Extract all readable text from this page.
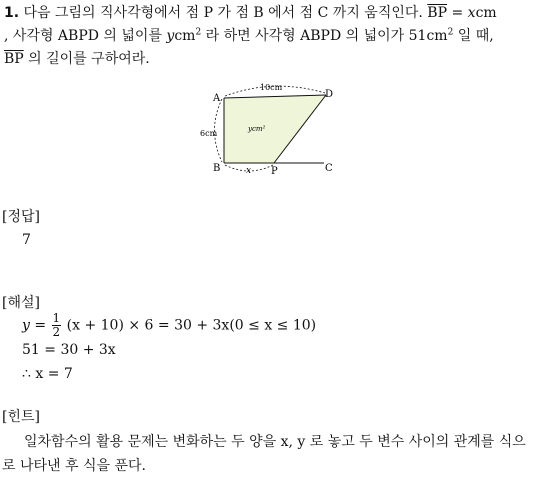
1. 다음 그림의 직사각형에서 점 P 가 점 B 에서 점 C 까지 움직인다. $\overline{BP}$ = xcm
, 사각형 ABPD 의 넓이를 ycm$^2$ 라 하면 사각형 ABPD 의 넓이가 $51cm^2$ 일 때,
$\overline{BP}$ 의 길이를 구하여라.
A
B	P	C
D
10cm
6cm	ycm²
x
[정답]
7
[해설]
$y = \frac{1}{2} (x + 10) \times 6 = 30 + 3x(0 \le x \le 10)$
51 = 30 + 3x
∴ x = 7
[힌트]
일차함수의 활용 문제는 변화하는 두 양을 x, y 로 놓고 두 변수 사이의 관계를 식으로 나타낸 후 식을 푼다.
